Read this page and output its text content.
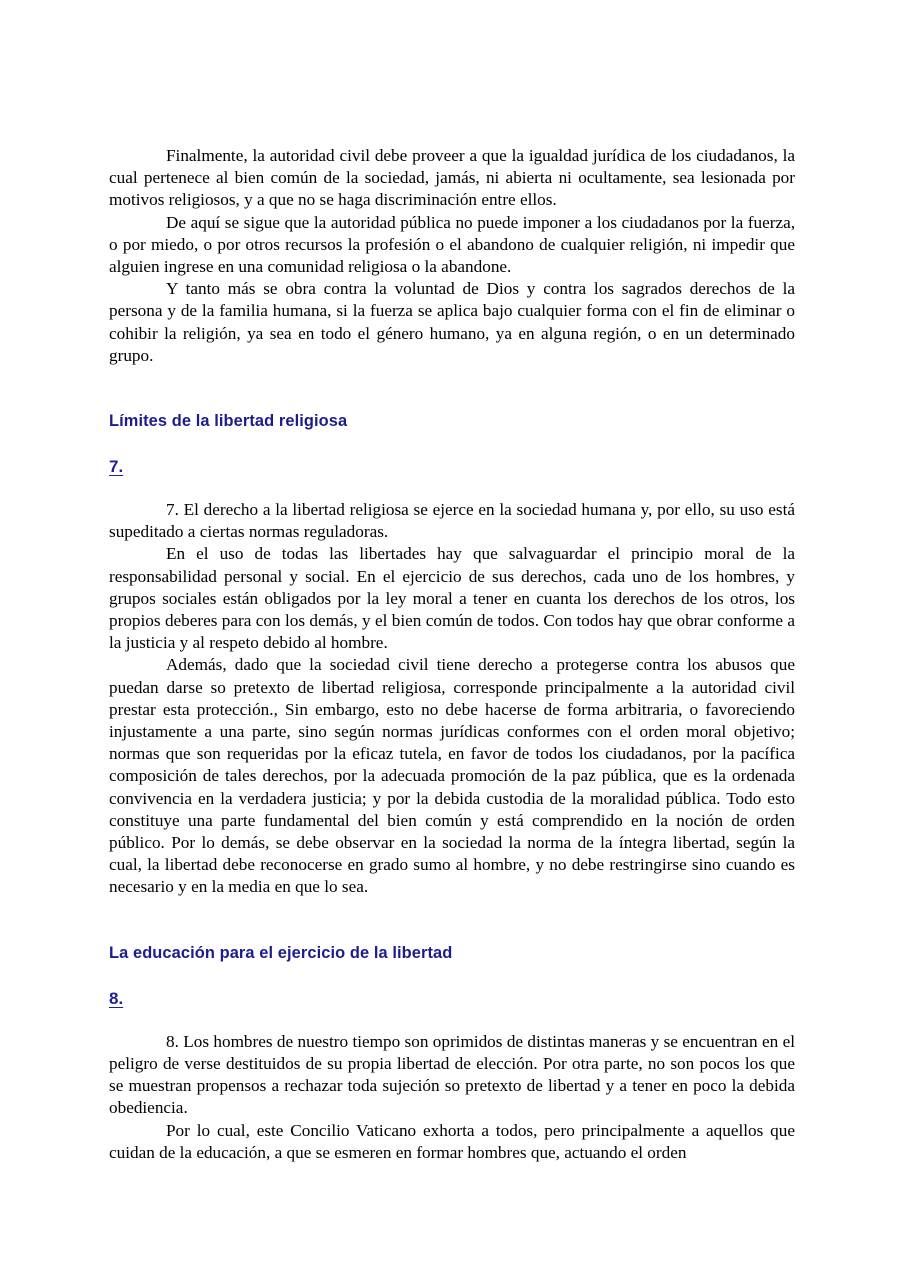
Finalmente, la autoridad civil debe proveer a que la igualdad jurídica de los ciudadanos, la cual pertenece al bien común de la sociedad, jamás, ni abierta ni ocultamente, sea lesionada por motivos religiosos, y a que no se haga discriminación entre ellos.

De aquí se sigue que la autoridad pública no puede imponer a los ciudadanos por la fuerza, o por miedo, o por otros recursos la profesión o el abandono de cualquier religión, ni impedir que alguien ingrese en una comunidad religiosa o la abandone.

Y tanto más se obra contra la voluntad de Dios y contra los sagrados derechos de la persona y de la familia humana, si la fuerza se aplica bajo cualquier forma con el fin de eliminar o cohibir la religión, ya sea en todo el género humano, ya en alguna región, o en un determinado grupo.

Límites de la libertad religiosa
7.

7. El derecho a la libertad religiosa se ejerce en la sociedad humana y, por ello, su uso está supeditado a ciertas normas reguladoras.

En el uso de todas las libertades hay que salvaguardar el principio moral de la responsabilidad personal y social. En el ejercicio de sus derechos, cada uno de los hombres, y grupos sociales están obligados por la ley moral a tener en cuanta los derechos de los otros, los propios deberes para con los demás, y el bien común de todos. Con todos hay que obrar conforme a la justicia y al respeto debido al hombre.

Además, dado que la sociedad civil tiene derecho a protegerse contra los abusos que puedan darse so pretexto de libertad religiosa, corresponde principalmente a la autoridad civil prestar esta protección., Sin embargo, esto no debe hacerse de forma arbitraria, o favoreciendo injustamente a una parte, sino según normas jurídicas conformes con el orden moral objetivo; normas que son requeridas por la eficaz tutela, en favor de todos los ciudadanos, por la pacífica composición de tales derechos, por la adecuada promoción de la paz pública, que es la ordenada convivencia en la verdadera justicia; y por la debida custodia de la moralidad pública. Todo esto constituye una parte fundamental del bien común y está comprendido en la noción de orden público. Por lo demás, se debe observar en la sociedad la norma de la íntegra libertad, según la cual, la libertad debe reconocerse en grado sumo al hombre, y no debe restringirse sino cuando es necesario y en la media en que lo sea.

La educación para el ejercicio de la libertad
8.

8. Los hombres de nuestro tiempo son oprimidos de distintas maneras y se encuentran en el peligro de verse destituidos de su propia libertad de elección. Por otra parte, no son pocos los que se muestran propensos a rechazar toda sujeción so pretexto de libertad y a tener en poco la debida obediencia.

Por lo cual, este Concilio Vaticano exhorta a todos, pero principalmente a aquellos que cuidan de la educación, a que se esmeren en formar hombres que, actuando el orden
